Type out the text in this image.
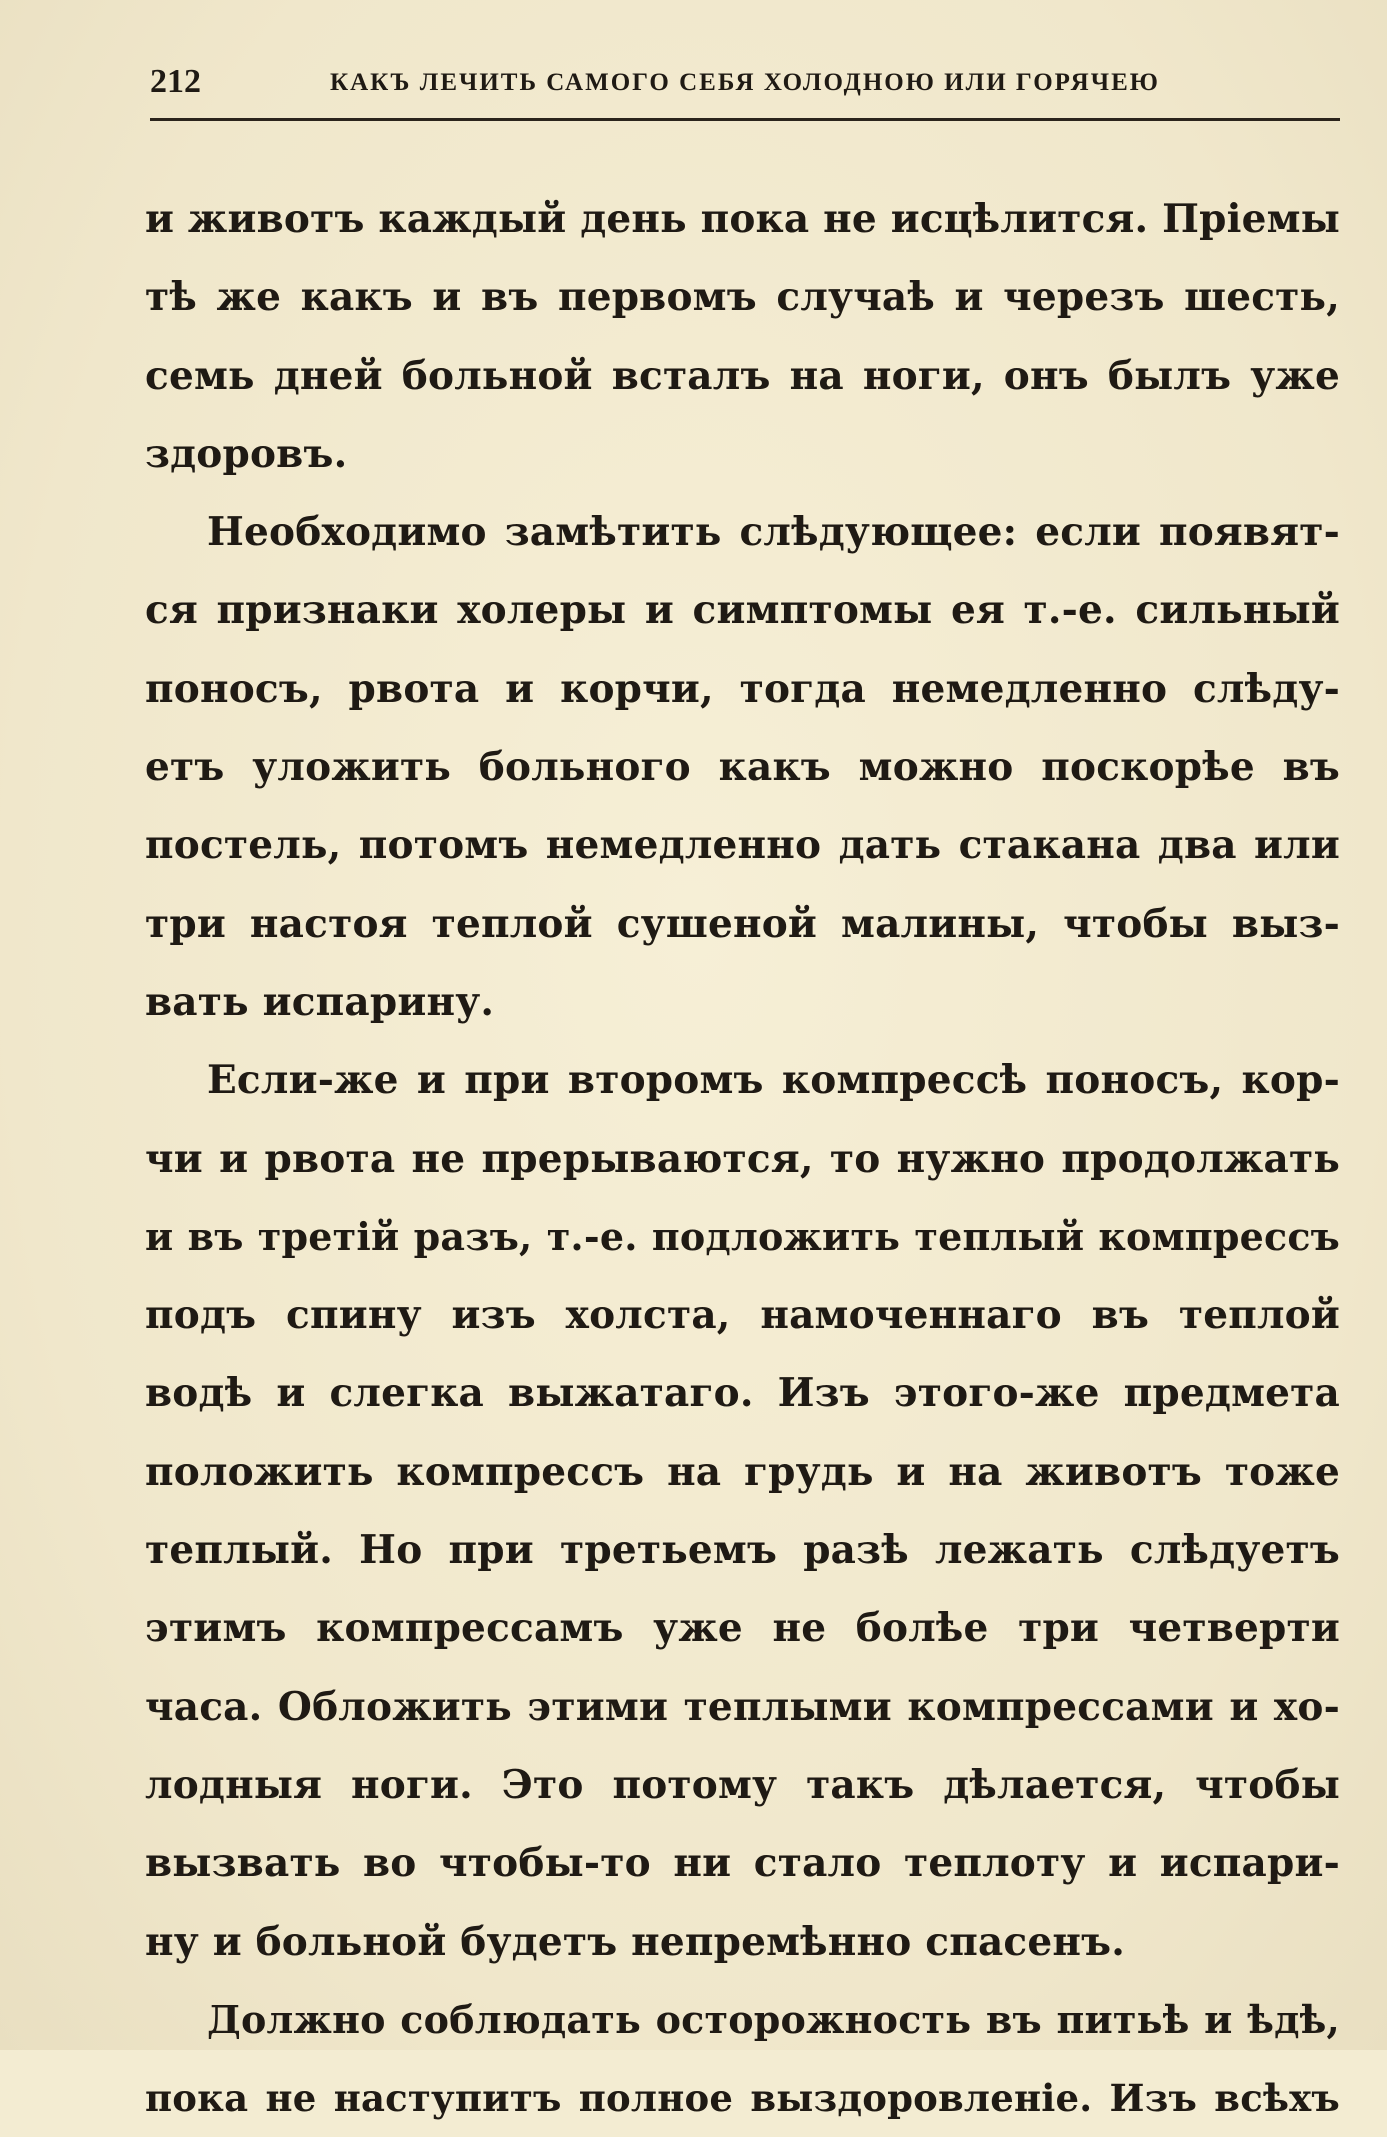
212	КАКЪ ЛЕЧИТЬ САМОГО СЕБЯ ХОЛОДНОЮ ИЛИ ГОРЯЧЕЮ
и животъ каждый день пока не исцѣлится. Пріемы
тѣ же какъ и въ первомъ случаѣ и черезъ шесть,
семь дней больной всталъ на ноги, онъ былъ уже
здоровъ.
Необходимо замѣтить слѣдующее: если появят-
ся признаки холеры и симптомы ея т.-е. сильный
поносъ, рвота и корчи, тогда немедленно слѣду-
етъ уложить больного какъ можно поскорѣе въ
постель, потомъ немедленно дать стакана два или
три настоя теплой сушеной малины, чтобы выз-
вать испарину.
Если-же и при второмъ компрессѣ поносъ, кор-
чи и рвота не прерываются, то нужно продолжать
и въ третій разъ, т.-е. подложить теплый компрессъ
подъ спину изъ холста, намоченнаго въ теплой
водѣ и слегка выжатаго. Изъ этого-же предмета
положить компрессъ на грудь и на животъ тоже
теплый. Но при третьемъ разѣ лежать слѣдуетъ
этимъ компрессамъ уже не болѣе три четверти
часа. Обложить этими теплыми компрессами и хо-
лодныя ноги. Это потому такъ дѣлается, чтобы
вызвать во чтобы-то ни стало теплоту и испари-
ну и больной будетъ непремѣнно спасенъ.
Должно соблюдать осторожность въ питьѣ и ѣдѣ,
пока не наступитъ полное выздоровленіе. Изъ всѣхъ
